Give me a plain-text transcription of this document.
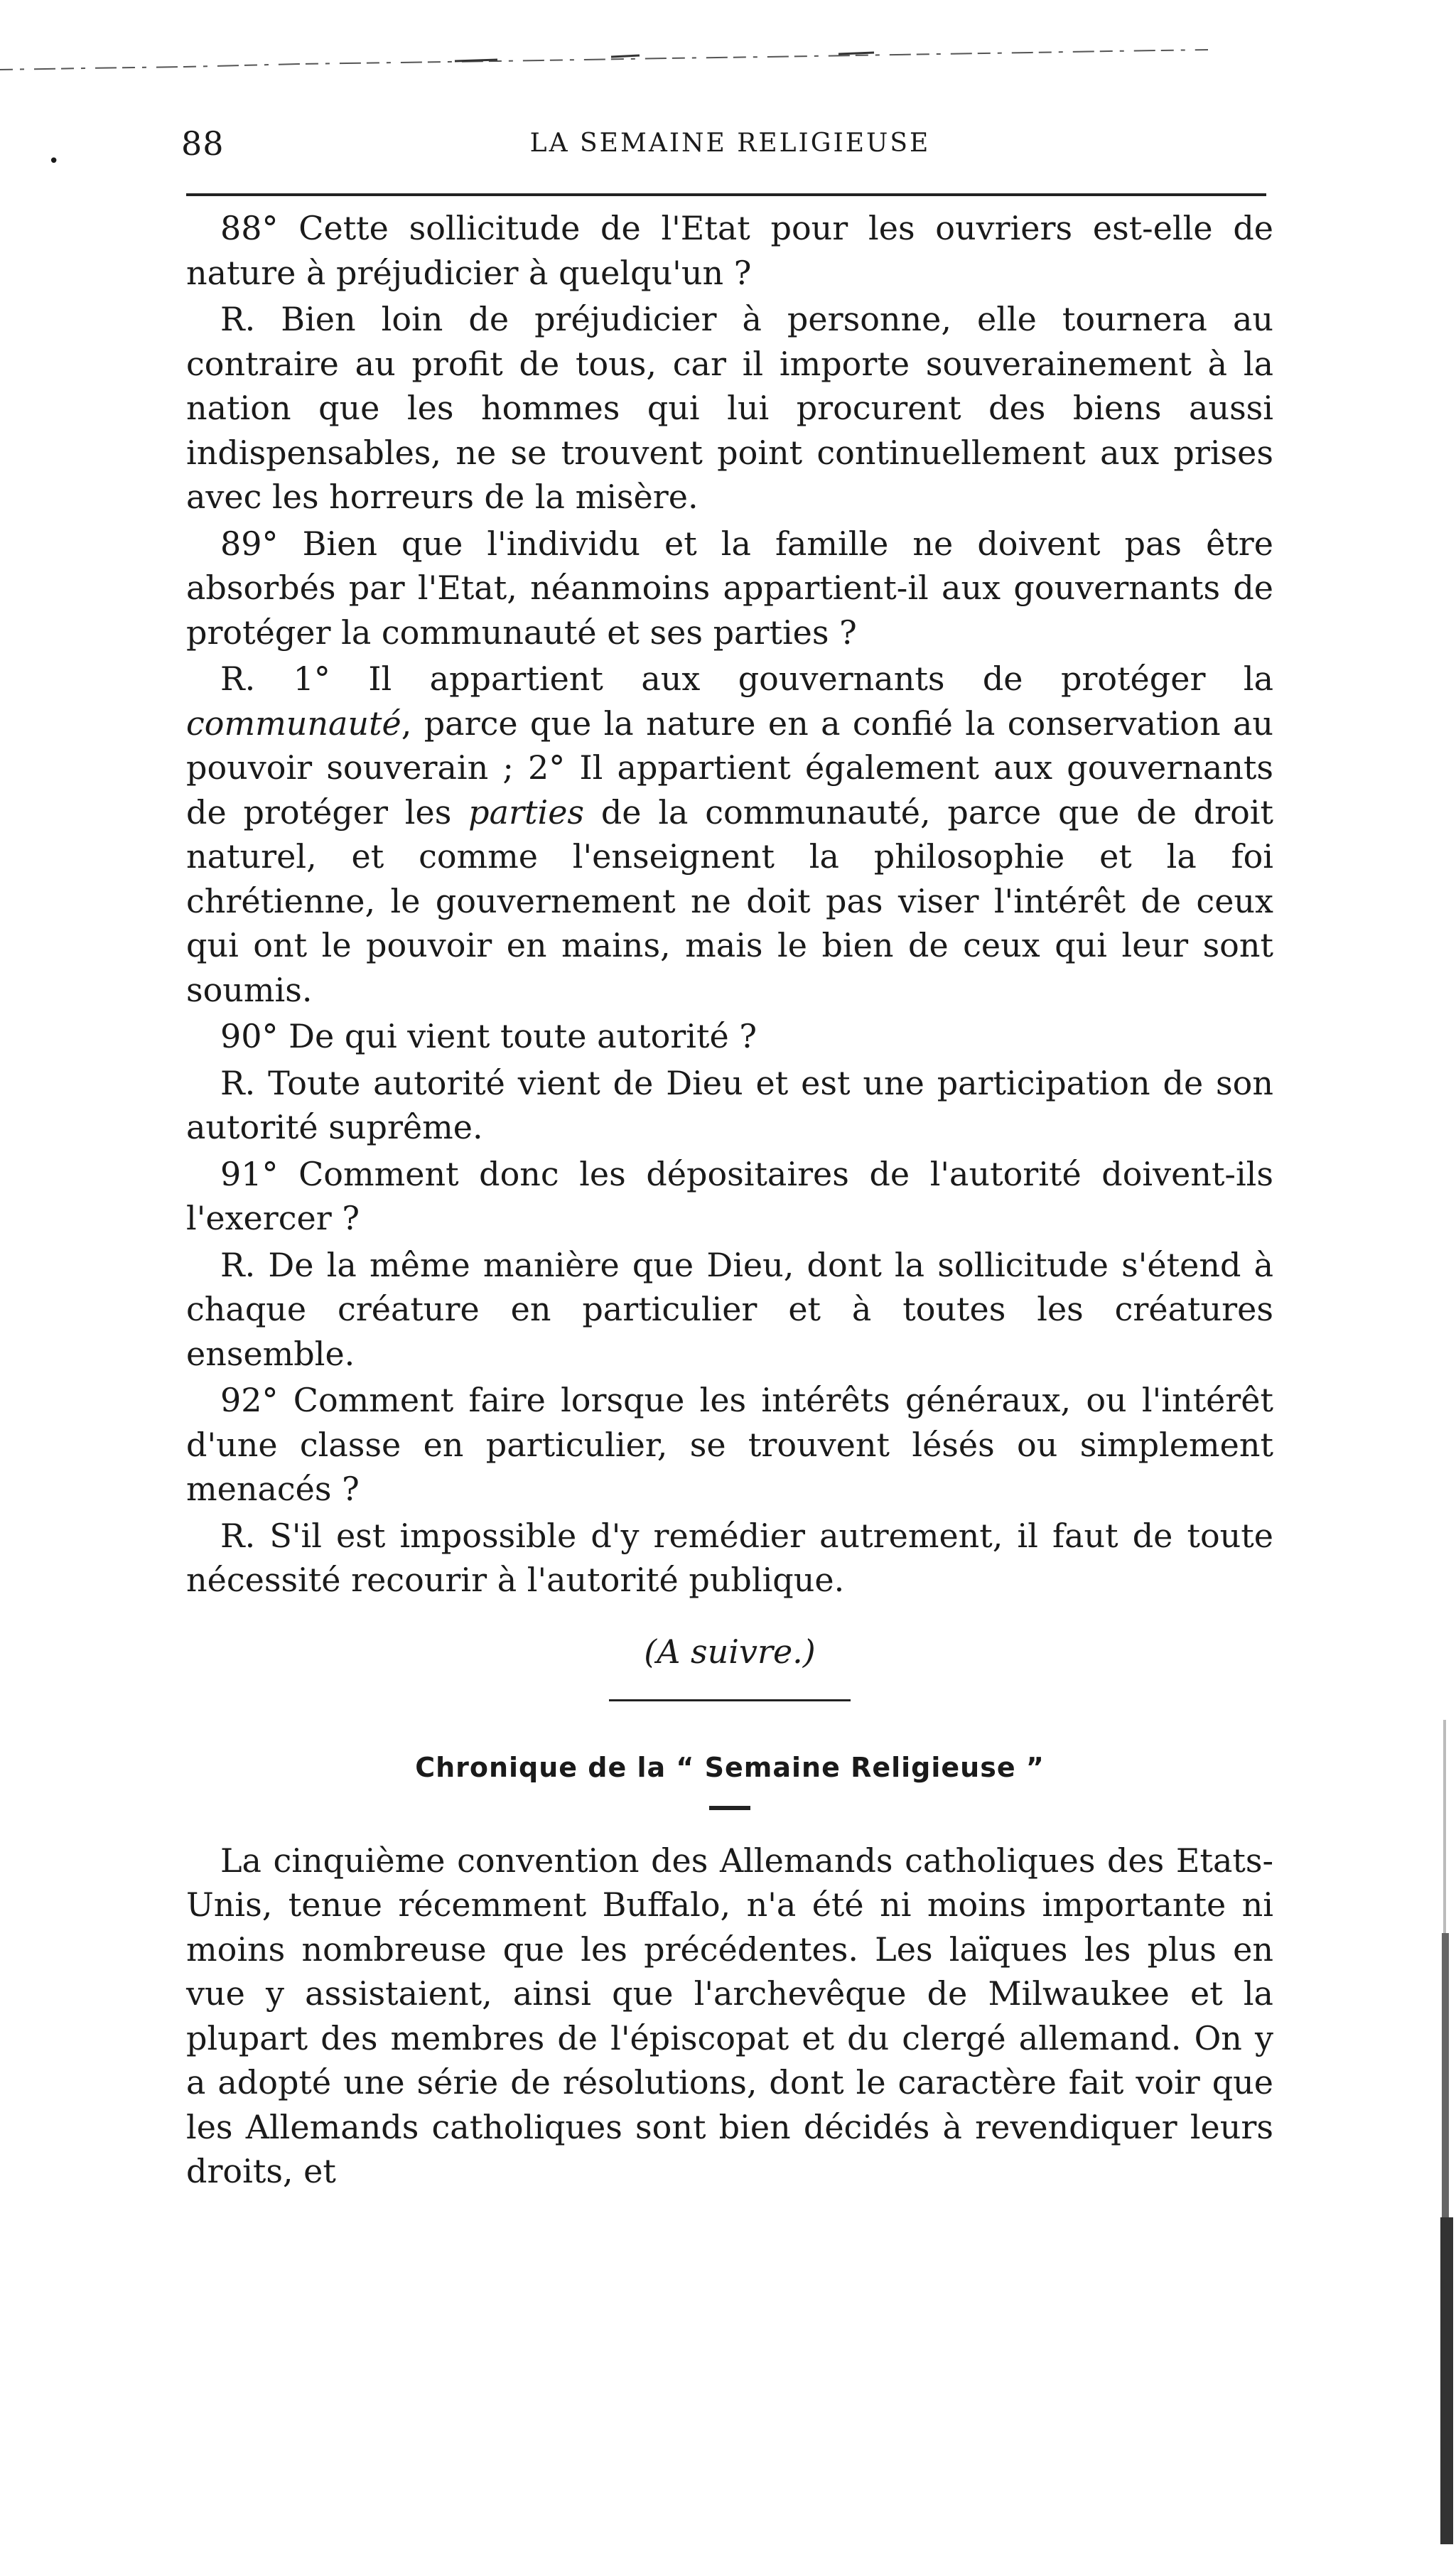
•	88	LA SEMAINE RELIGIEUSE

88° Cette sollicitude de l'Etat pour les ouvriers est-elle de nature à préjudicier à quelqu'un ?

R. Bien loin de préjudicier à personne, elle tournera au contraire au profit de tous, car il importe souverainement à la nation que les hommes qui lui procurent des biens aussi indispensables, ne se trouvent point continuellement aux prises avec les horreurs de la misère.

89° Bien que l'individu et la famille ne doivent pas être absorbés par l'Etat, néanmoins appartient-il aux gouvernants de protéger la communauté et ses parties ?

R. 1° Il appartient aux gouvernants de protéger la communauté, parce que la nature en a confié la conservation au pouvoir souverain ; 2° Il appartient également aux gouvernants de protéger les parties de la communauté, parce que de droit naturel, et comme l'enseignent la philosophie et la foi chrétienne, le gouvernement ne doit pas viser l'intérêt de ceux qui ont le pouvoir en mains, mais le bien de ceux qui leur sont soumis.

90° De qui vient toute autorité ?

R. Toute autorité vient de Dieu et est une participation de son autorité suprême.

91° Comment donc les dépositaires de l'autorité doivent-ils l'exercer ?

R. De la même manière que Dieu, dont la sollicitude s'étend à chaque créature en particulier et à toutes les créatures ensemble.

92° Comment faire lorsque les intérêts généraux, ou l'intérêt d'une classe en particulier, se trouvent lésés ou simplement menacés ?

R. S'il est impossible d'y remédier autrement, il faut de toute nécessité recourir à l'autorité publique.

(A suivre.)

Chronique de la “ Semaine Religieuse ”

La cinquième convention des Allemands catholiques des Etats-Unis, tenue récemment Buffalo, n'a été ni moins importante ni moins nombreuse que les précédentes. Les laïques les plus en vue y assistaient, ainsi que l'archevêque de Milwaukee et la plupart des membres de l'épiscopat et du clergé allemand. On y a adopté une série de résolutions, dont le caractère fait voir que les Allemands catholiques sont bien décidés à revendiquer leurs droits, et
